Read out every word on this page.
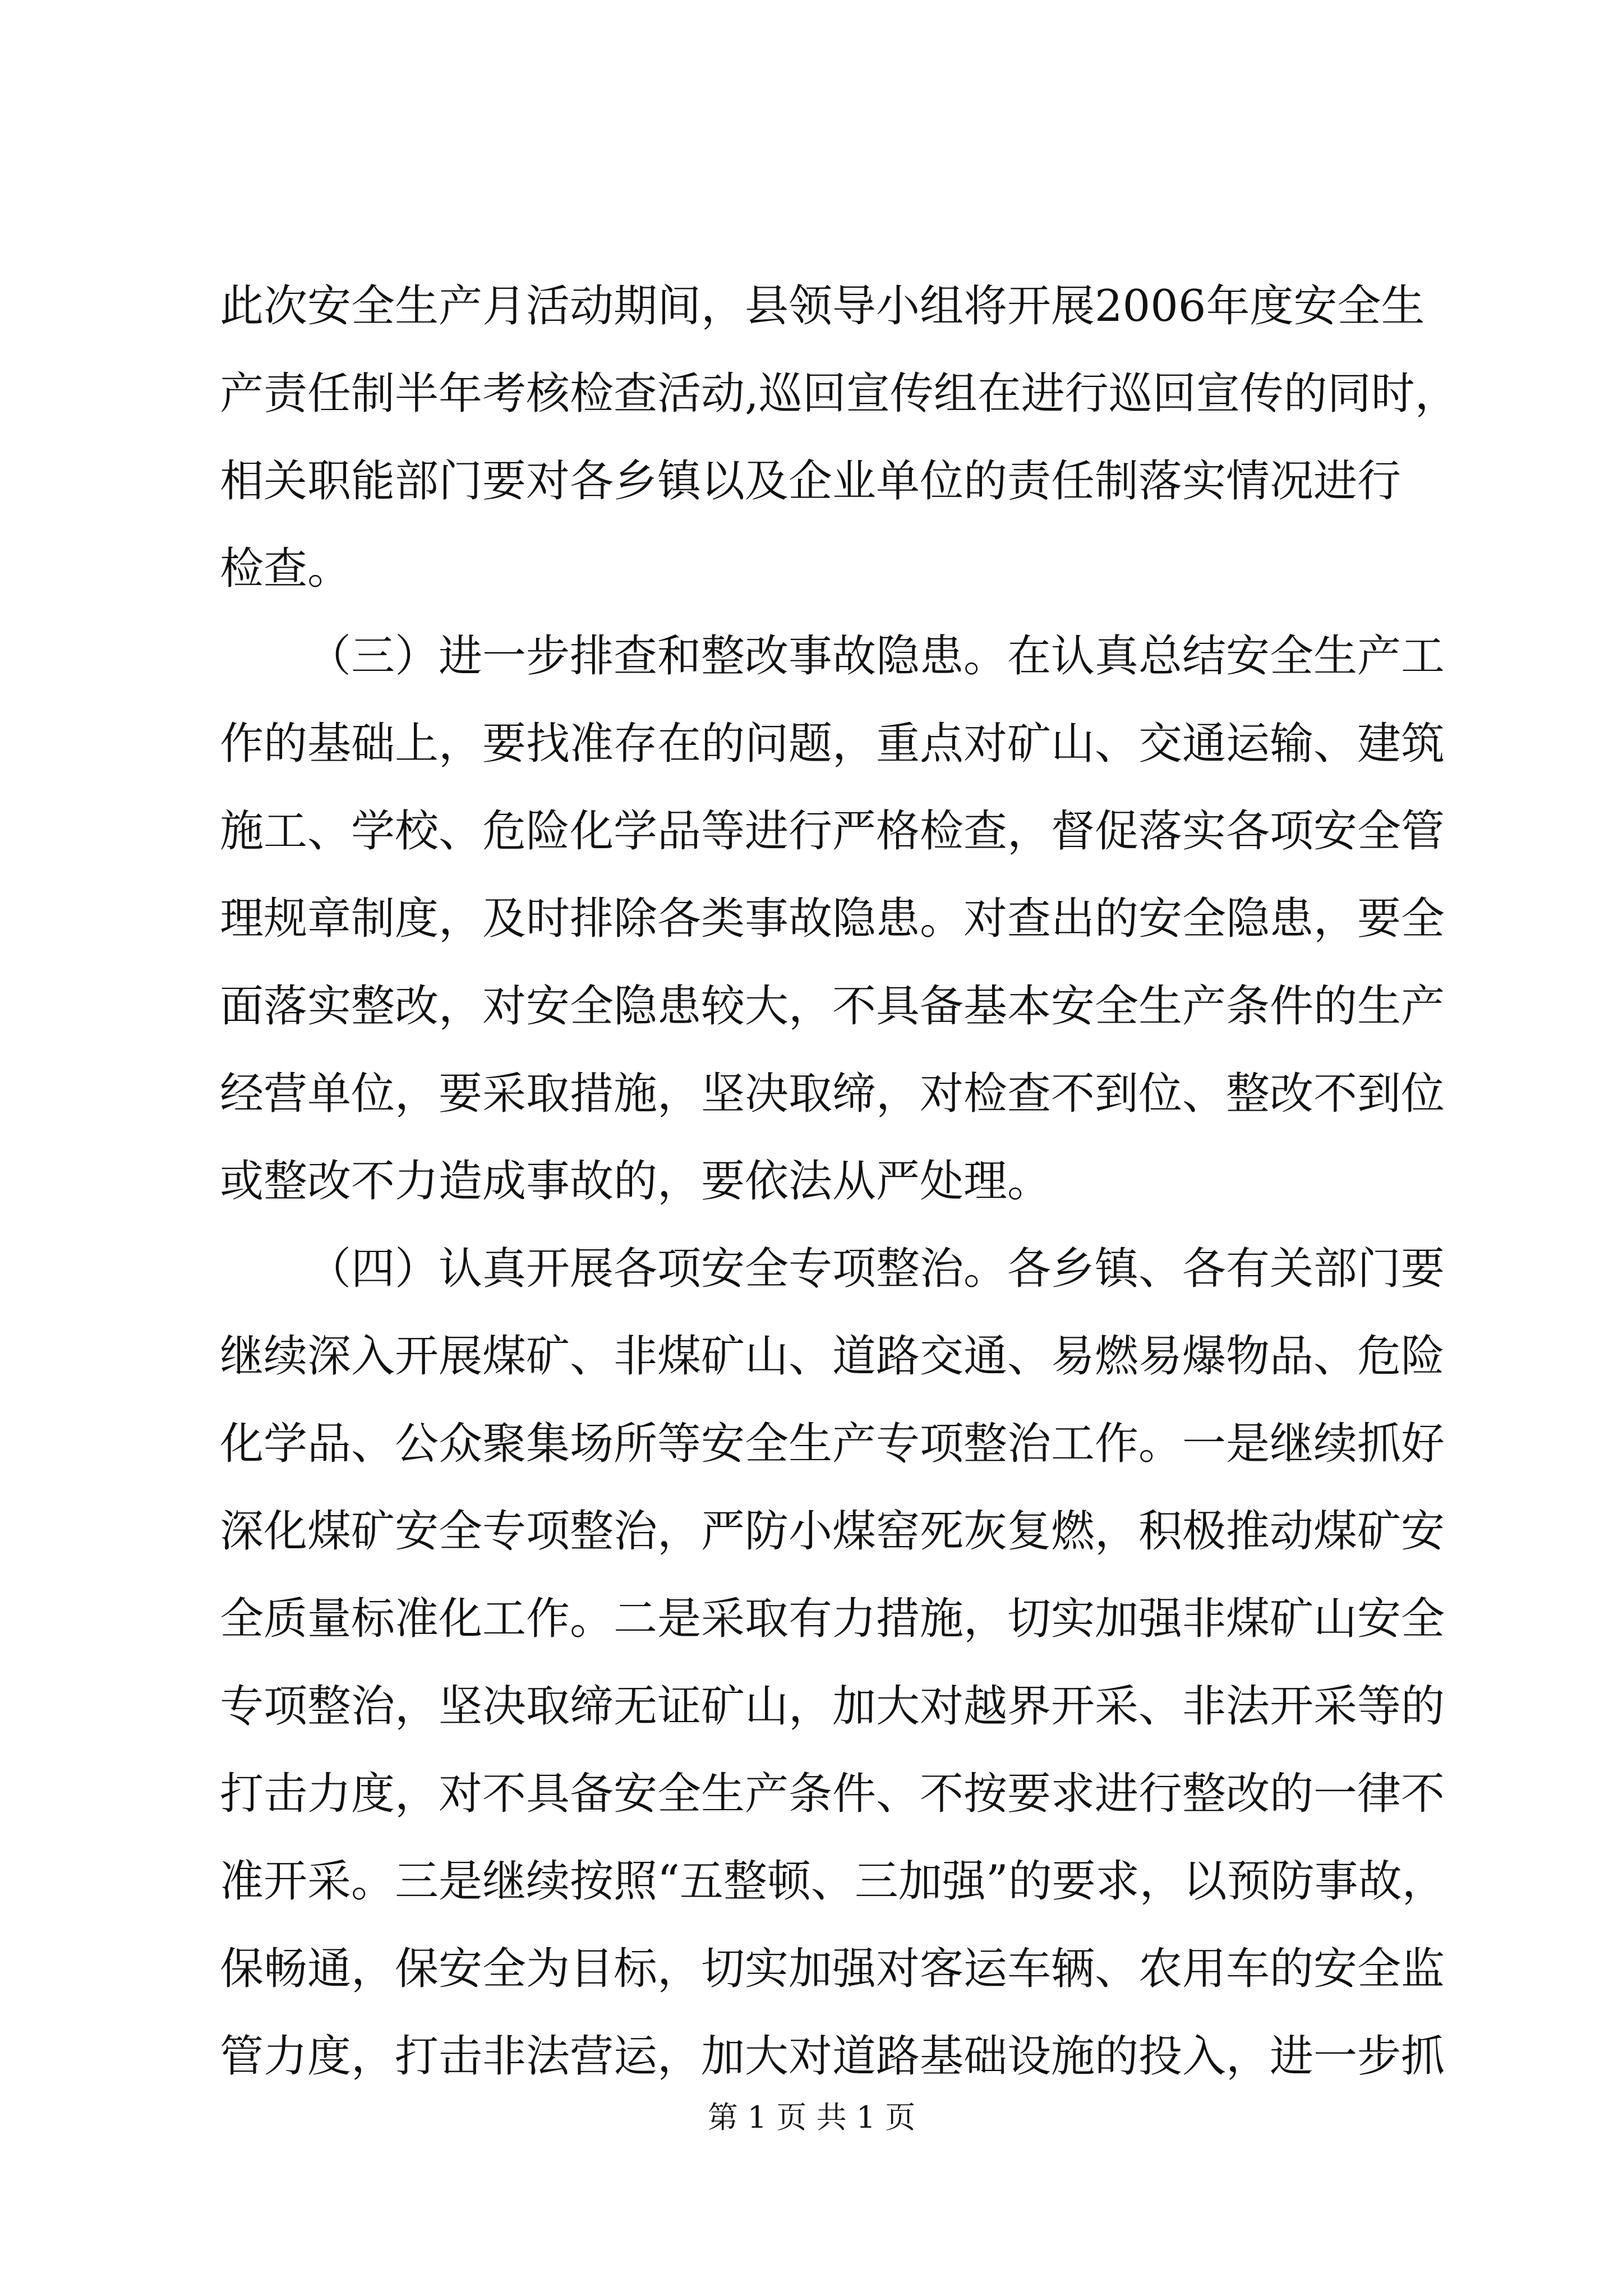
此次安全生产月活动期间，县领导小组将开展2006年度安全生
产责任制半年考核检查活动,巡回宣传组在进行巡回宣传的同时，
相关职能部门要对各乡镇以及企业单位的责任制落实情况进行
检查。
（三）进一步排查和整改事故隐患。在认真总结安全生产工
作的基础上，要找准存在的问题，重点对矿山、交通运输、建筑
施工、学校、危险化学品等进行严格检查，督促落实各项安全管
理规章制度，及时排除各类事故隐患。对查出的安全隐患，要全
面落实整改，对安全隐患较大，不具备基本安全生产条件的生产
经营单位，要采取措施，坚决取缔，对检查不到位、整改不到位
或整改不力造成事故的，要依法从严处理。
（四）认真开展各项安全专项整治。各乡镇、各有关部门要
继续深入开展煤矿、非煤矿山、道路交通、易燃易爆物品、危险
化学品、公众聚集场所等安全生产专项整治工作。一是继续抓好
深化煤矿安全专项整治，严防小煤窑死灰复燃，积极推动煤矿安
全质量标准化工作。二是采取有力措施，切实加强非煤矿山安全
专项整治，坚决取缔无证矿山，加大对越界开采、非法开采等的
打击力度，对不具备安全生产条件、不按要求进行整改的一律不
准开采。三是继续按照“五整顿、三加强”的要求，以预防事故，
保畅通，保安全为目标，切实加强对客运车辆、农用车的安全监
管力度，打击非法营运，加大对道路基础设施的投入，进一步抓
第 1 页 共 1 页
